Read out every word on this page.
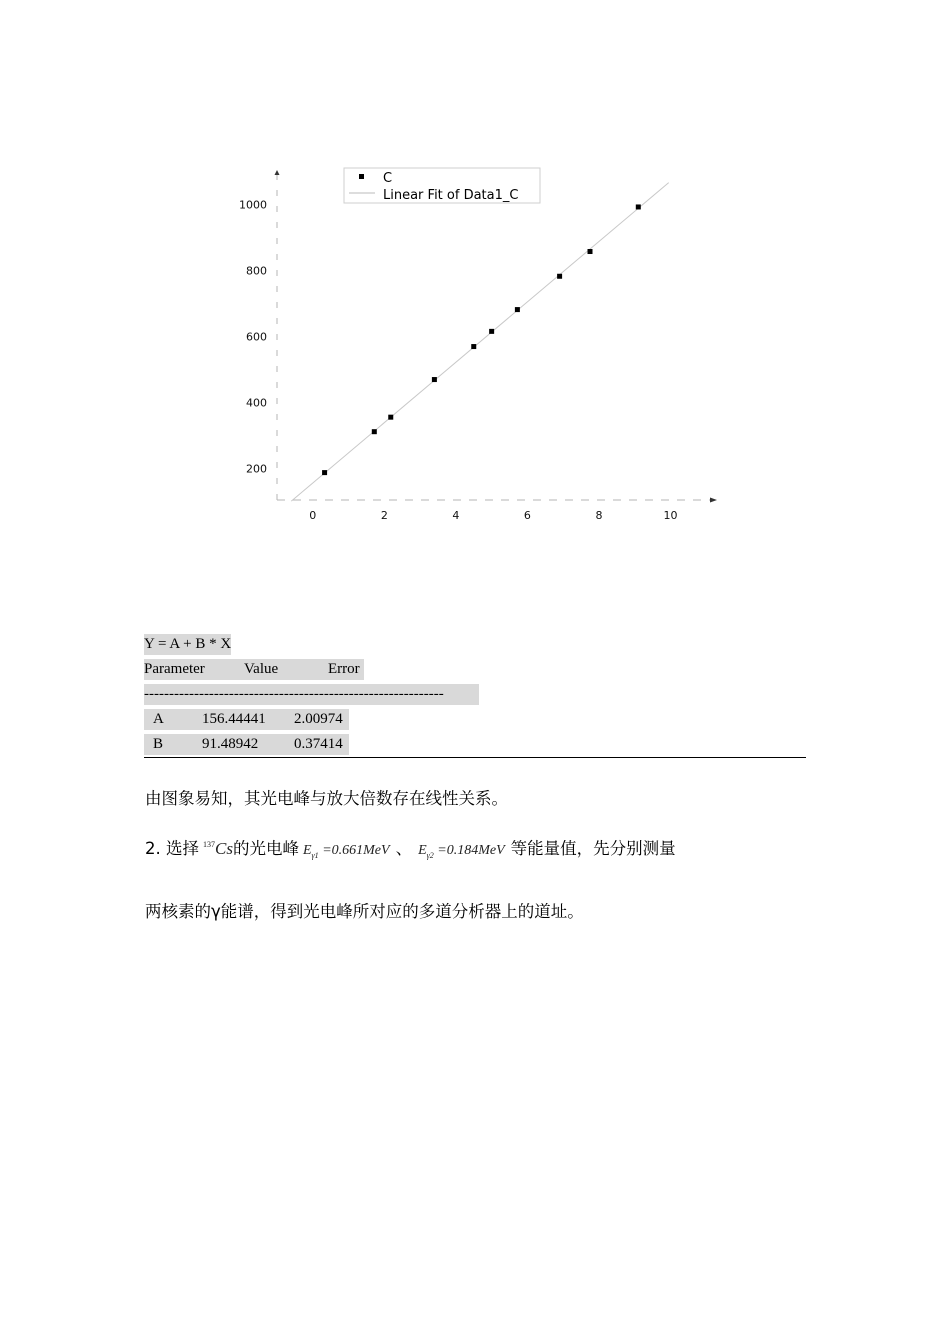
0	2	4	6	8	10
200
400
600
800
1000
C
Linear Fit of Data1_C
Y = A + B * X

Parameter	Value	Error
------------------------------------------------------------

A	156.44441 2.00974

B	91.48942 0.37414
由图象易知，其光电峰与放大倍数存在线性关系。
2. 选择 $^{137}$Cs的光电峰 $E_{\gamma 1} =0.661MeV$ 、 $E_{\gamma 2} =0.184MeV$ 等能量值，先分别测量
两核素的γ能谱，得到光电峰所对应的多道分析器上的道址。
